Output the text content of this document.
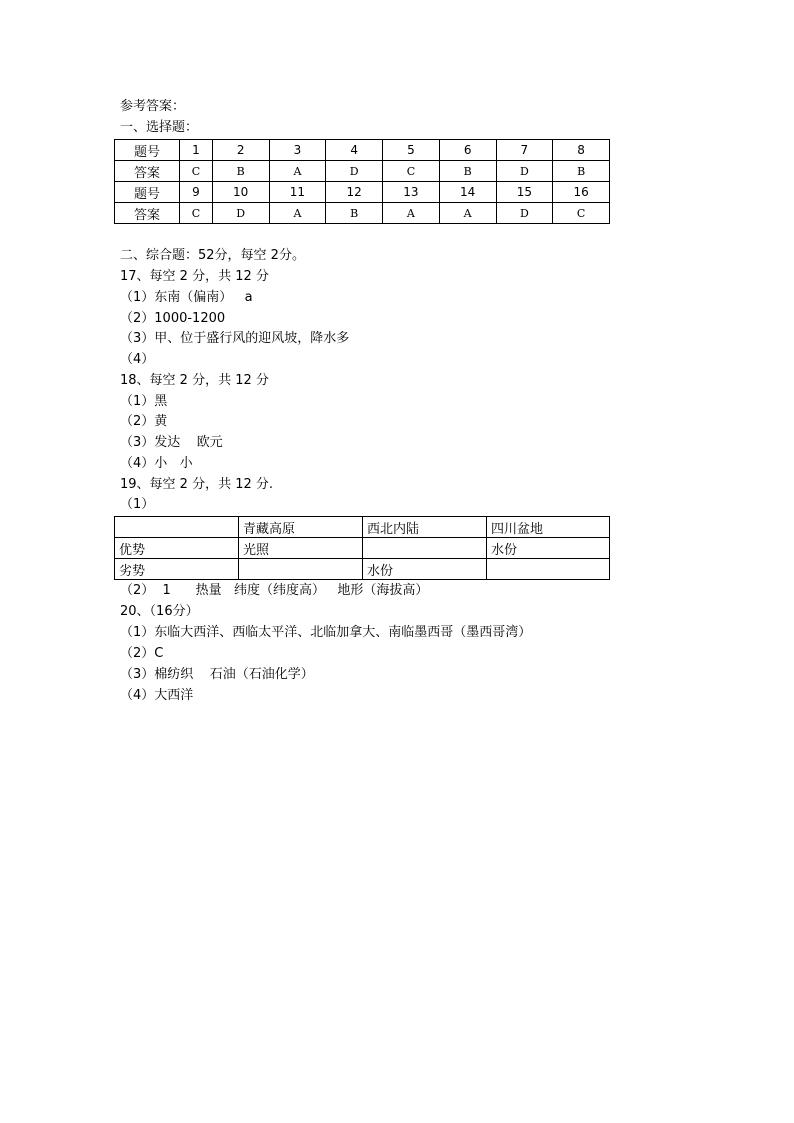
参考答案：
一、选择题：
题号	1	2	3	4	5	6	7	8
答案	C	B	A	D	C	B	D	B
题号	9	10	11	12	13	14	15	16
答案	C	D	A	B	A	A	D	C
二、综合题：52分，每空 2分。
17、每空 2 分，共 12 分
（1）东南（偏南）   a
（2）1000-1200
（3）甲、位于盛行风的迎风坡，降水多
（4）
18、每空 2 分，共 12 分
（1）黑
（2）黄
（3）发达    欧元
（4）小   小
19、每空 2 分，共 12 分.
（1）
	青藏高原	西北内陆	四川盆地
优势	光照		水份
劣势		水份	
（2）  1      热量   纬度（纬度高）   地形（海拔高）
20、（16分）
（1）东临大西洋、西临太平洋、北临加拿大、南临墨西哥（墨西哥湾）
（2）C
（3）棉纺织    石油（石油化学）
（4）大西洋
